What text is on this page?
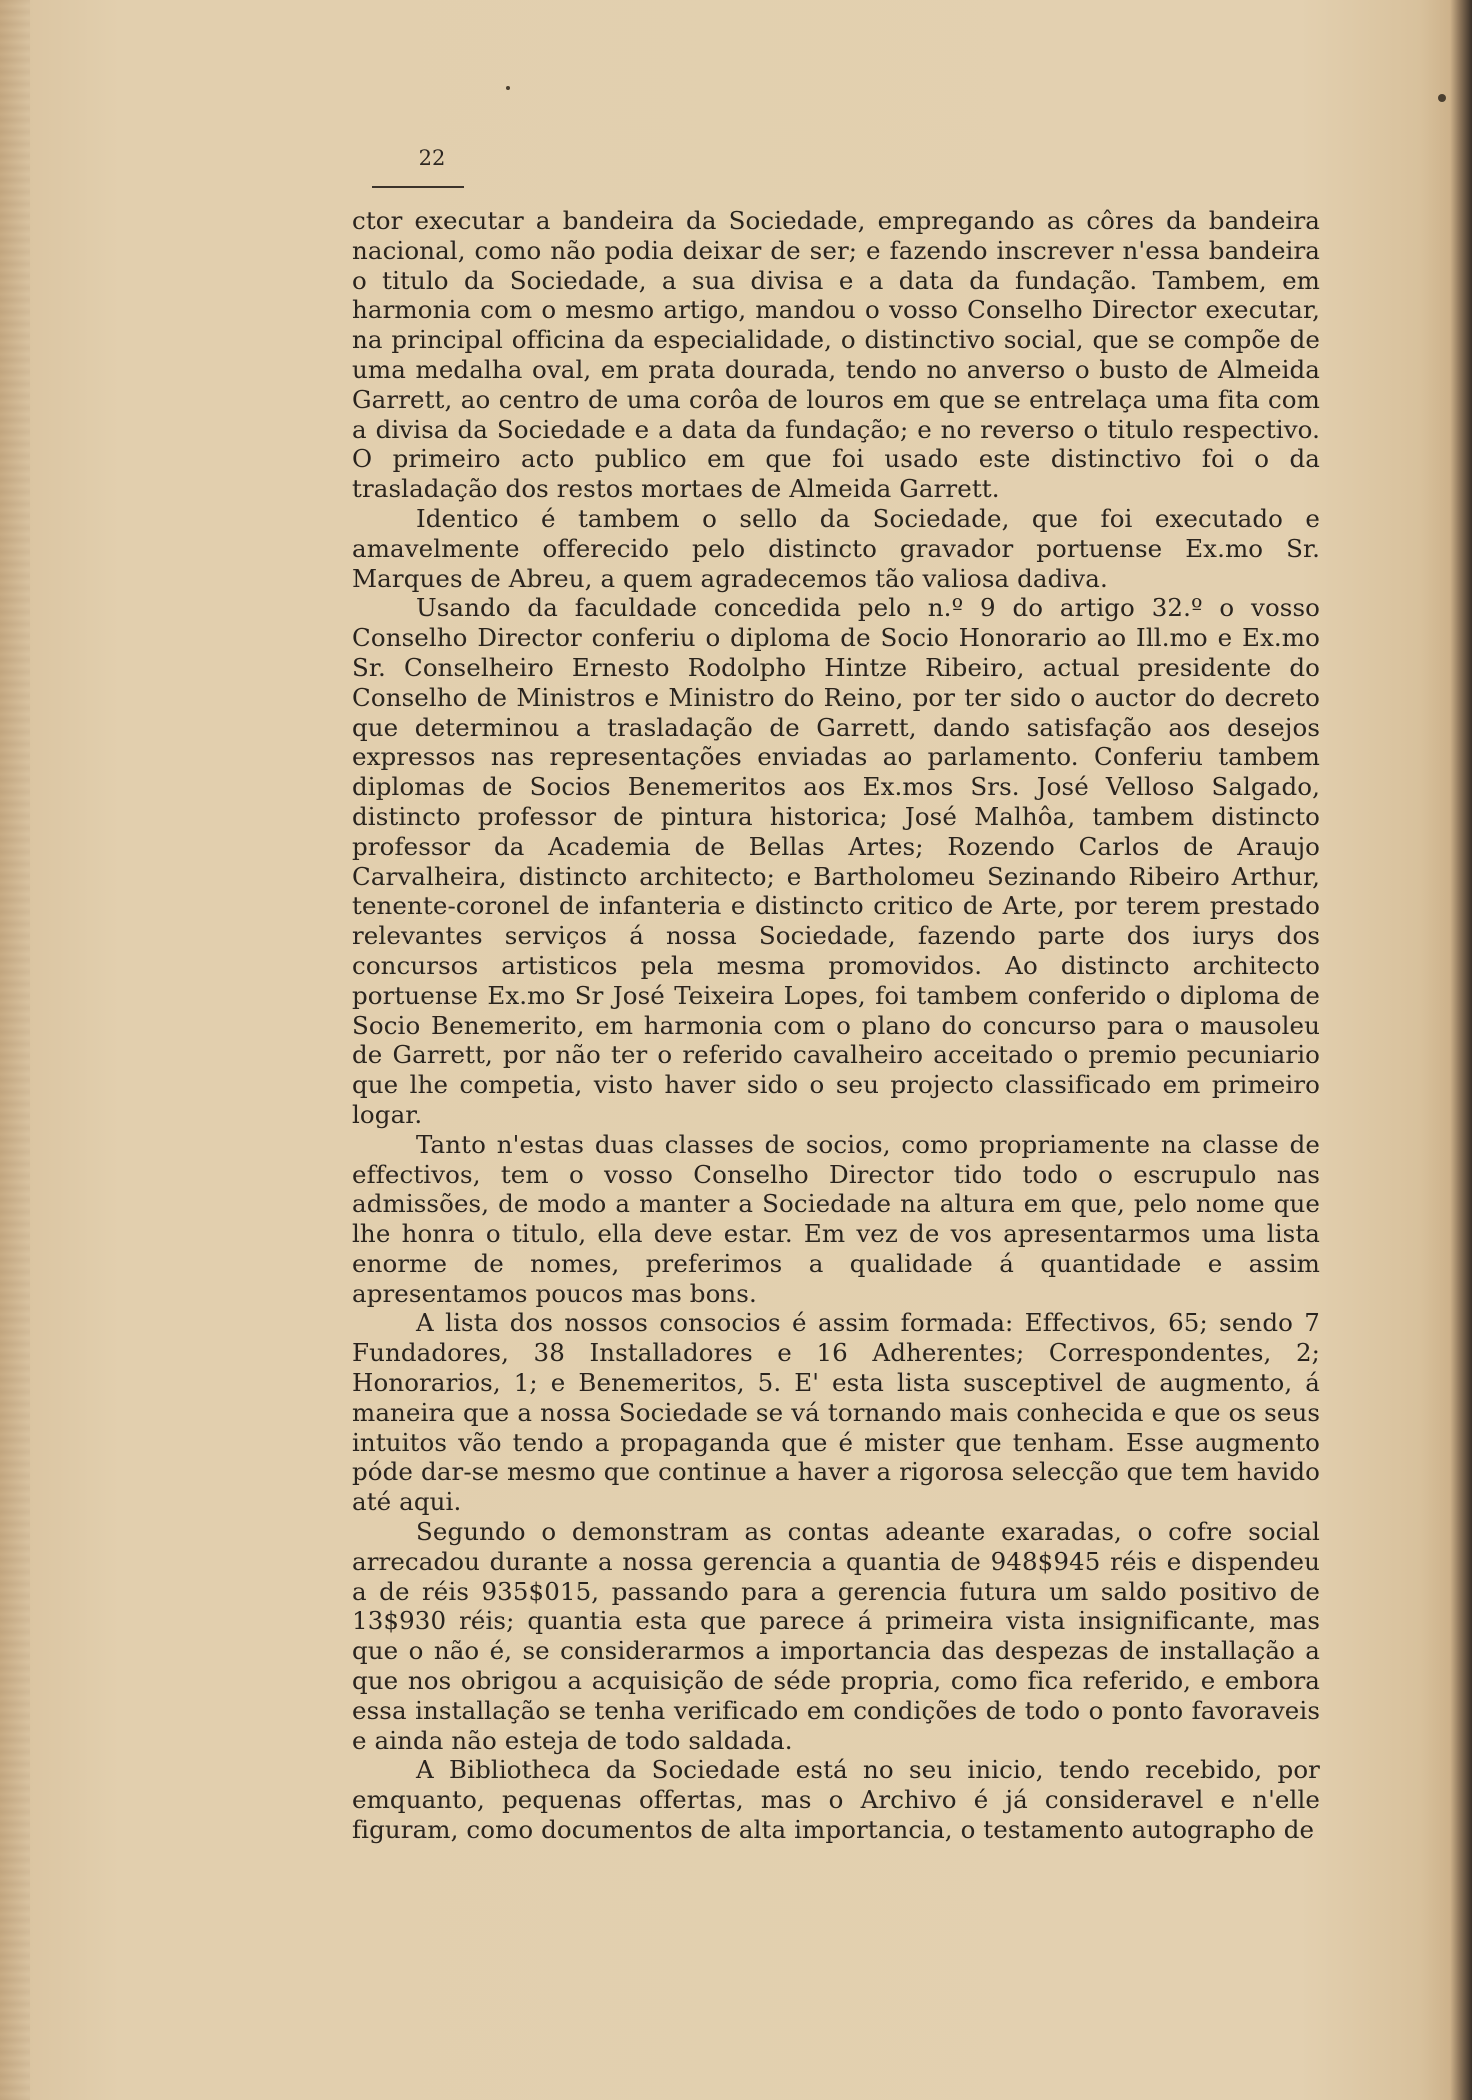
22

ctor executar a bandeira da Sociedade, empregando as côres da bandeira nacional, como não podia deixar de ser; e fazendo inscrever n'essa bandeira o titulo da Sociedade, a sua divisa e a data da fundação. Tambem, em harmonia com o mesmo artigo, mandou o vosso Conselho Director executar, na principal officina da especialidade, o distinctivo social, que se compõe de uma medalha oval, em prata dourada, tendo no anverso o busto de Almeida Garrett, ao centro de uma corôa de louros em que se entrelaça uma fita com a divisa da Sociedade e a data da fundação; e no reverso o titulo respectivo. O primeiro acto publico em que foi usado este distinctivo foi o da trasladação dos restos mortaes de Almeida Garrett.

Identico é tambem o sello da Sociedade, que foi executado e amavelmente offerecido pelo distincto gravador portuense Ex.mo Sr. Marques de Abreu, a quem agradecemos tão valiosa dadiva.

Usando da faculdade concedida pelo n.º 9 do artigo 32.º o vosso Conselho Director conferiu o diploma de Socio Honorario ao Ill.mo e Ex.mo Sr. Conselheiro Ernesto Rodolpho Hintze Ribeiro, actual presidente do Conselho de Ministros e Ministro do Reino, por ter sido o auctor do decreto que determinou a trasladação de Garrett, dando satisfação aos desejos expressos nas representações enviadas ao parlamento. Conferiu tambem diplomas de Socios Benemeritos aos Ex.mos Srs. José Velloso Salgado, distincto professor de pintura historica; José Malhôa, tambem distincto professor da Academia de Bellas Artes; Rozendo Carlos de Araujo Carvalheira, distincto architecto; e Bartholomeu Sezinando Ribeiro Arthur, tenente-coronel de infanteria e distincto critico de Arte, por terem prestado relevantes serviços á nossa Sociedade, fazendo parte dos iurys dos concursos artisticos pela mesma promovidos. Ao distincto architecto portuense Ex.mo Sr José Teixeira Lopes, foi tambem conferido o diploma de Socio Benemerito, em harmonia com o plano do concurso para o mausoleu de Garrett, por não ter o referido cavalheiro acceitado o premio pecuniario que lhe competia, visto haver sido o seu projecto classificado em primeiro logar.

Tanto n'estas duas classes de socios, como propriamente na classe de effectivos, tem o vosso Conselho Director tido todo o escrupulo nas admissões, de modo a manter a Sociedade na altura em que, pelo nome que lhe honra o titulo, ella deve estar. Em vez de vos apresentarmos uma lista enorme de nomes, preferimos a qualidade á quantidade e assim apresentamos poucos mas bons.

A lista dos nossos consocios é assim formada: Effectivos, 65; sendo 7 Fundadores, 38 Installadores e 16 Adherentes; Correspondentes, 2; Honorarios, 1; e Benemeritos, 5. E' esta lista susceptivel de augmento, á maneira que a nossa Sociedade se vá tornando mais conhecida e que os seus intuitos vão tendo a propaganda que é mister que tenham. Esse augmento póde dar-se mesmo que continue a haver a rigorosa selecção que tem havido até aqui.

Segundo o demonstram as contas adeante exaradas, o cofre social arrecadou durante a nossa gerencia a quantia de 948$945 réis e dispendeu a de réis 935$015, passando para a gerencia futura um saldo positivo de 13$930 réis; quantia esta que parece á primeira vista insignificante, mas que o não é, se considerarmos a importancia das despezas de installação a que nos obrigou a acquisição de séde propria, como fica referido, e embora essa installação se tenha verificado em condições de todo o ponto favoraveis e ainda não esteja de todo saldada.

A Bibliotheca da Sociedade está no seu inicio, tendo recebido, por emquanto, pequenas offertas, mas o Archivo é já consideravel e n'elle figuram, como documentos de alta importancia, o testamento autographo de
